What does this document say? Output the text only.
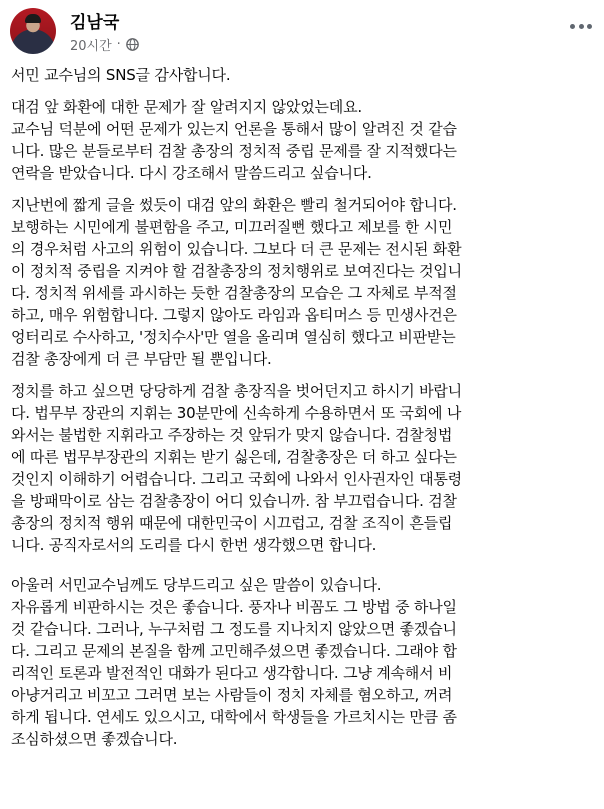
김남국
20시간 ·

서민 교수님의 SNS글 감사합니다.

대검 앞 화환에 대한 문제가 잘 알려지지 않았었는데요.
교수님 덕분에 어떤 문제가 있는지 언론을 통해서 많이 알려진 것 같습
니다. 많은 분들로부터 검찰 총장의 정치적 중립 문제를 잘 지적했다는
연락을 받았습니다. 다시 강조해서 말씀드리고 싶습니다.

지난번에 짧게 글을 썼듯이 대검 앞의 화환은 빨리 철거되어야 합니다.
보행하는 시민에게 불편함을 주고, 미끄러질뻔 했다고 제보를 한 시민
의 경우처럼 사고의 위험이 있습니다. 그보다 더 큰 문제는 전시된 화환
이 정치적 중립을 지켜야 할 검찰총장의 정치행위로 보여진다는 것입니
다. 정치적 위세를 과시하는 듯한 검찰총장의 모습은 그 자체로 부적절
하고, 매우 위험합니다. 그렇지 않아도 라임과 옵티머스 등 민생사건은
엉터리로 수사하고, '정치수사'만 열을 올리며 열심히 했다고 비판받는
검찰 총장에게 더 큰 부담만 될 뿐입니다.

정치를 하고 싶으면 당당하게 검찰 총장직을 벗어던지고 하시기 바랍니
다. 법무부 장관의 지휘는 30분만에 신속하게 수용하면서 또 국회에 나
와서는 불법한 지휘라고 주장하는 것 앞뒤가 맞지 않습니다. 검찰청법
에 따른 법무부장관의 지휘는 받기 싫은데, 검찰총장은 더 하고 싶다는
것인지 이해하기 어렵습니다. 그리고 국회에 나와서 인사권자인 대통령
을 방패막이로 삼는 검찰총장이 어디 있습니까. 참 부끄럽습니다. 검찰
총장의 정치적 행위 때문에 대한민국이 시끄럽고, 검찰 조직이 흔들립
니다. 공직자로서의 도리를 다시 한번 생각했으면 합니다.

아울러 서민교수님께도 당부드리고 싶은 말씀이 있습니다.
자유롭게 비판하시는 것은 좋습니다. 풍자나 비꼼도 그 방법 중 하나일
것 같습니다. 그러나, 누구처럼 그 정도를 지나치지 않았으면 좋겠습니
다. 그리고 문제의 본질을 함께 고민해주셨으면 좋겠습니다. 그래야 합
리적인 토론과 발전적인 대화가 된다고 생각합니다. 그냥 계속해서 비
아냥거리고 비꼬고 그러면 보는 사람들이 정치 자체를 혐오하고, 꺼려
하게 됩니다. 연세도 있으시고, 대학에서 학생들을 가르치시는 만큼 좀
조심하셨으면 좋겠습니다.
